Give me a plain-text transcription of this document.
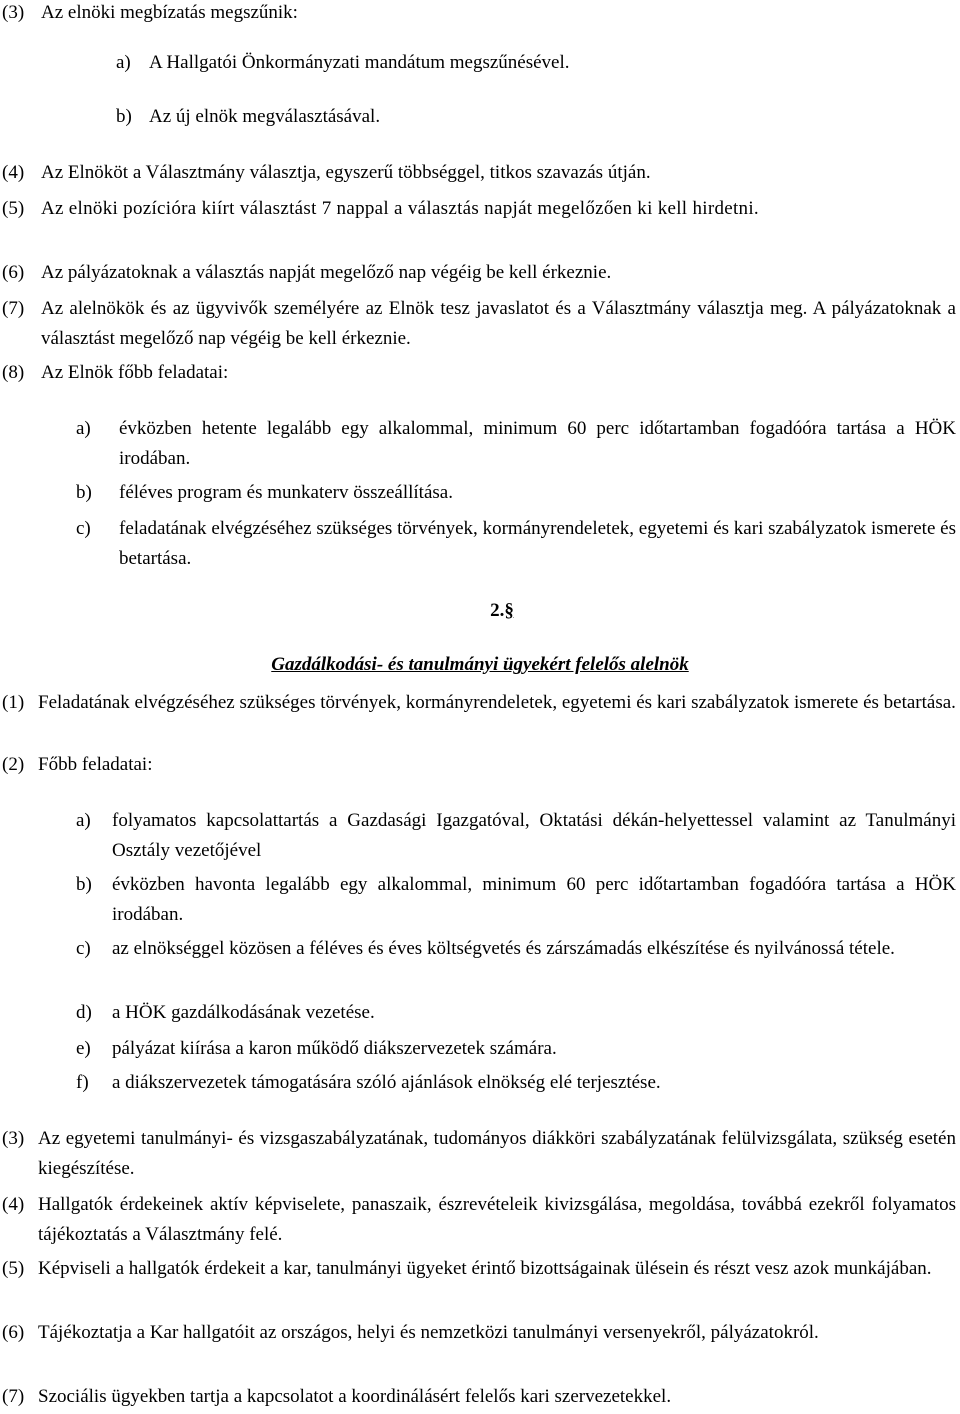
(3) Az elnöki megbízatás megszűnik:
a) A Hallgatói Önkormányzati mandátum megszűnésével.
b) Az új elnök megválasztásával.
(4) Az Elnököt a Választmány választja, egyszerű többséggel, titkos szavazás útján.
(5) Az elnöki pozícióra kiírt választást 7 nappal a választás napját megelőzően ki kell hirdetni.
(6) Az pályázatoknak a választás napját megelőző nap végéig be kell érkeznie.
(7) Az alelnökök és az ügyvivők személyére az Elnök tesz javaslatot és a Választmány választja meg. A pályázatoknak a választást megelőző nap végéig be kell érkeznie.
(8) Az Elnök főbb feladatai:
a)	évközben hetente legalább egy alkalommal, minimum 60 perc időtartamban fogadóóra tartása a HÖK irodában.
b)	féléves program és munkaterv összeállítása.
c)	feladatának elvégzéséhez szükséges törvények, kormányrendeletek, egyetemi és kari szabályzatok ismerete és betartása.
2.§
Gazdálkodási- és tanulmányi ügyekért felelős alelnök
(1) Feladatának elvégzéséhez szükséges törvények, kormányrendeletek, egyetemi és kari szabályzatok ismerete és betartása.
(2) Főbb feladatai:
a)	folyamatos kapcsolattartás a Gazdasági Igazgatóval, Oktatási dékán-helyettessel valamint az Tanulmányi Osztály vezetőjével
b)	évközben havonta legalább egy alkalommal, minimum 60 perc időtartamban fogadóóra tartása a HÖK irodában.
c)	az elnökséggel közösen a féléves és éves költségvetés és zárszámadás elkészítése és nyilvánossá tétele.
d)	a HÖK gazdálkodásának vezetése.
e)	pályázat kiírása a karon működő diákszervezetek számára.
f)	a diákszervezetek támogatására szóló ajánlások elnökség elé terjesztése.
(3) Az egyetemi tanulmányi- és vizsgaszabályzatának, tudományos diákköri szabályzatának felülvizsgálata, szükség esetén kiegészítése.
(4) Hallgatók érdekeinek aktív képviselete, panaszaik, észrevételeik kivizsgálása, megoldása, továbbá ezekről folyamatos tájékoztatás a Választmány felé.
(5) Képviseli a hallgatók érdekeit a kar, tanulmányi ügyeket érintő bizottságainak ülésein és részt vesz azok munkájában.
(6) Tájékoztatja a Kar hallgatóit az országos, helyi és nemzetközi tanulmányi versenyekről, pályázatokról.
(7) Szociális ügyekben tartja a kapcsolatot a koordinálásért felelős kari szervezetekkel.
